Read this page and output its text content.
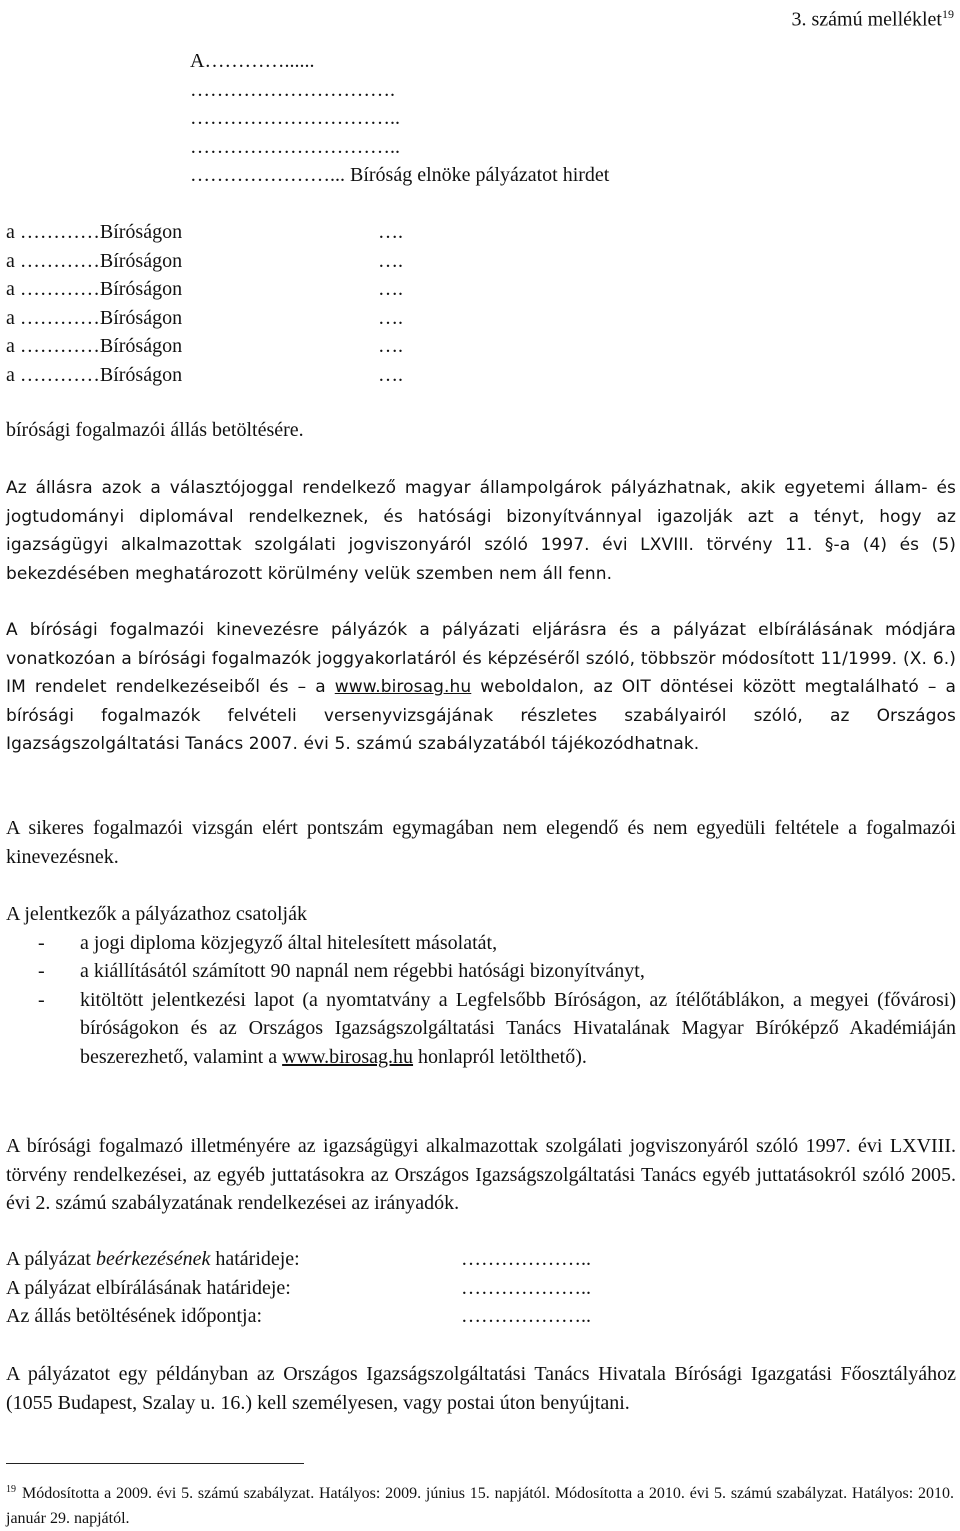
3. számú melléklet$^{19}$
A…………......
………………………….
…………………………..
…………………………..
…………………... Bíróság elnöke pályázatot hirdet
a …………Bíróságon	….
a …………Bíróságon	….
a …………Bíróságon	….
a …………Bíróságon	….
a …………Bíróságon	….
a …………Bíróságon	….
bírósági fogalmazói állás betöltésére.

Az állásra azok a választójoggal rendelkező magyar állampolgárok pályázhatnak, akik egyetemi állam- és jogtudományi diplomával rendelkeznek, és hatósági bizonyítvánnyal igazolják azt a tényt, hogy az igazságügyi alkalmazottak szolgálati jogviszonyáról szóló 1997. évi LXVIII. törvény 11. §-a (4) és (5) bekezdésében meghatározott körülmény velük szemben nem áll fenn.

A bírósági fogalmazói kinevezésre pályázók a pályázati eljárásra és a pályázat elbírálásának módjára vonatkozóan a bírósági fogalmazók joggyakorlatáról és képzéséről szóló, többször módosított 11/1999. (X. 6.) IM rendelet rendelkezéseiből és – a www.birosag.hu weboldalon, az OIT döntései között megtalálható – a bírósági fogalmazók felvételi versenyvizsgájának részletes szabályairól szóló, az Országos Igazságszolgáltatási Tanács 2007. évi 5. számú szabályzatából tájékozódhatnak.

A sikeres fogalmazói vizsgán elért pontszám egymagában nem elegendő és nem egyedüli feltétele a fogalmazói kinevezésnek.

A jelentkezők a pályázathoz csatolják

- a jogi diploma közjegyző által hitelesített másolatát,
- a kiállításától számított 90 napnál nem régebbi hatósági bizonyítványt,
- kitöltött jelentkezési lapot (a nyomtatvány a Legfelsőbb Bíróságon, az ítélőtáblákon, a megyei (fővárosi) bíróságokon és az Országos Igazságszolgáltatási Tanács Hivatalának Magyar Bíróképző Akadémiáján beszerezhető, valamint a www.birosag.hu honlapról letölthető).

A bírósági fogalmazó illetményére az igazságügyi alkalmazottak szolgálati jogviszonyáról szóló 1997. évi LXVIII. törvény rendelkezései, az egyéb juttatásokra az Országos Igazságszolgáltatási Tanács egyéb juttatásokról szóló 2005. évi 2. számú szabályzatának rendelkezései az irányadók.

A pályázat beérkezésének határideje:	………………..
A pályázat elbírálásának határideje:	………………..
Az állás betöltésének időpontja:	………………..

A pályázatot egy példányban az Országos Igazságszolgáltatási Tanács Hivatala Bírósági Igazgatási Főosztályához (1055 Budapest, Szalay u. 16.) kell személyesen, vagy postai úton benyújtani.

$^{19}$ Módosította a 2009. évi 5. számú szabályzat. Hatályos: 2009. június 15. napjától. Módosította a 2010. évi 5. számú szabályzat. Hatályos: 2010. január 29. napjától.
